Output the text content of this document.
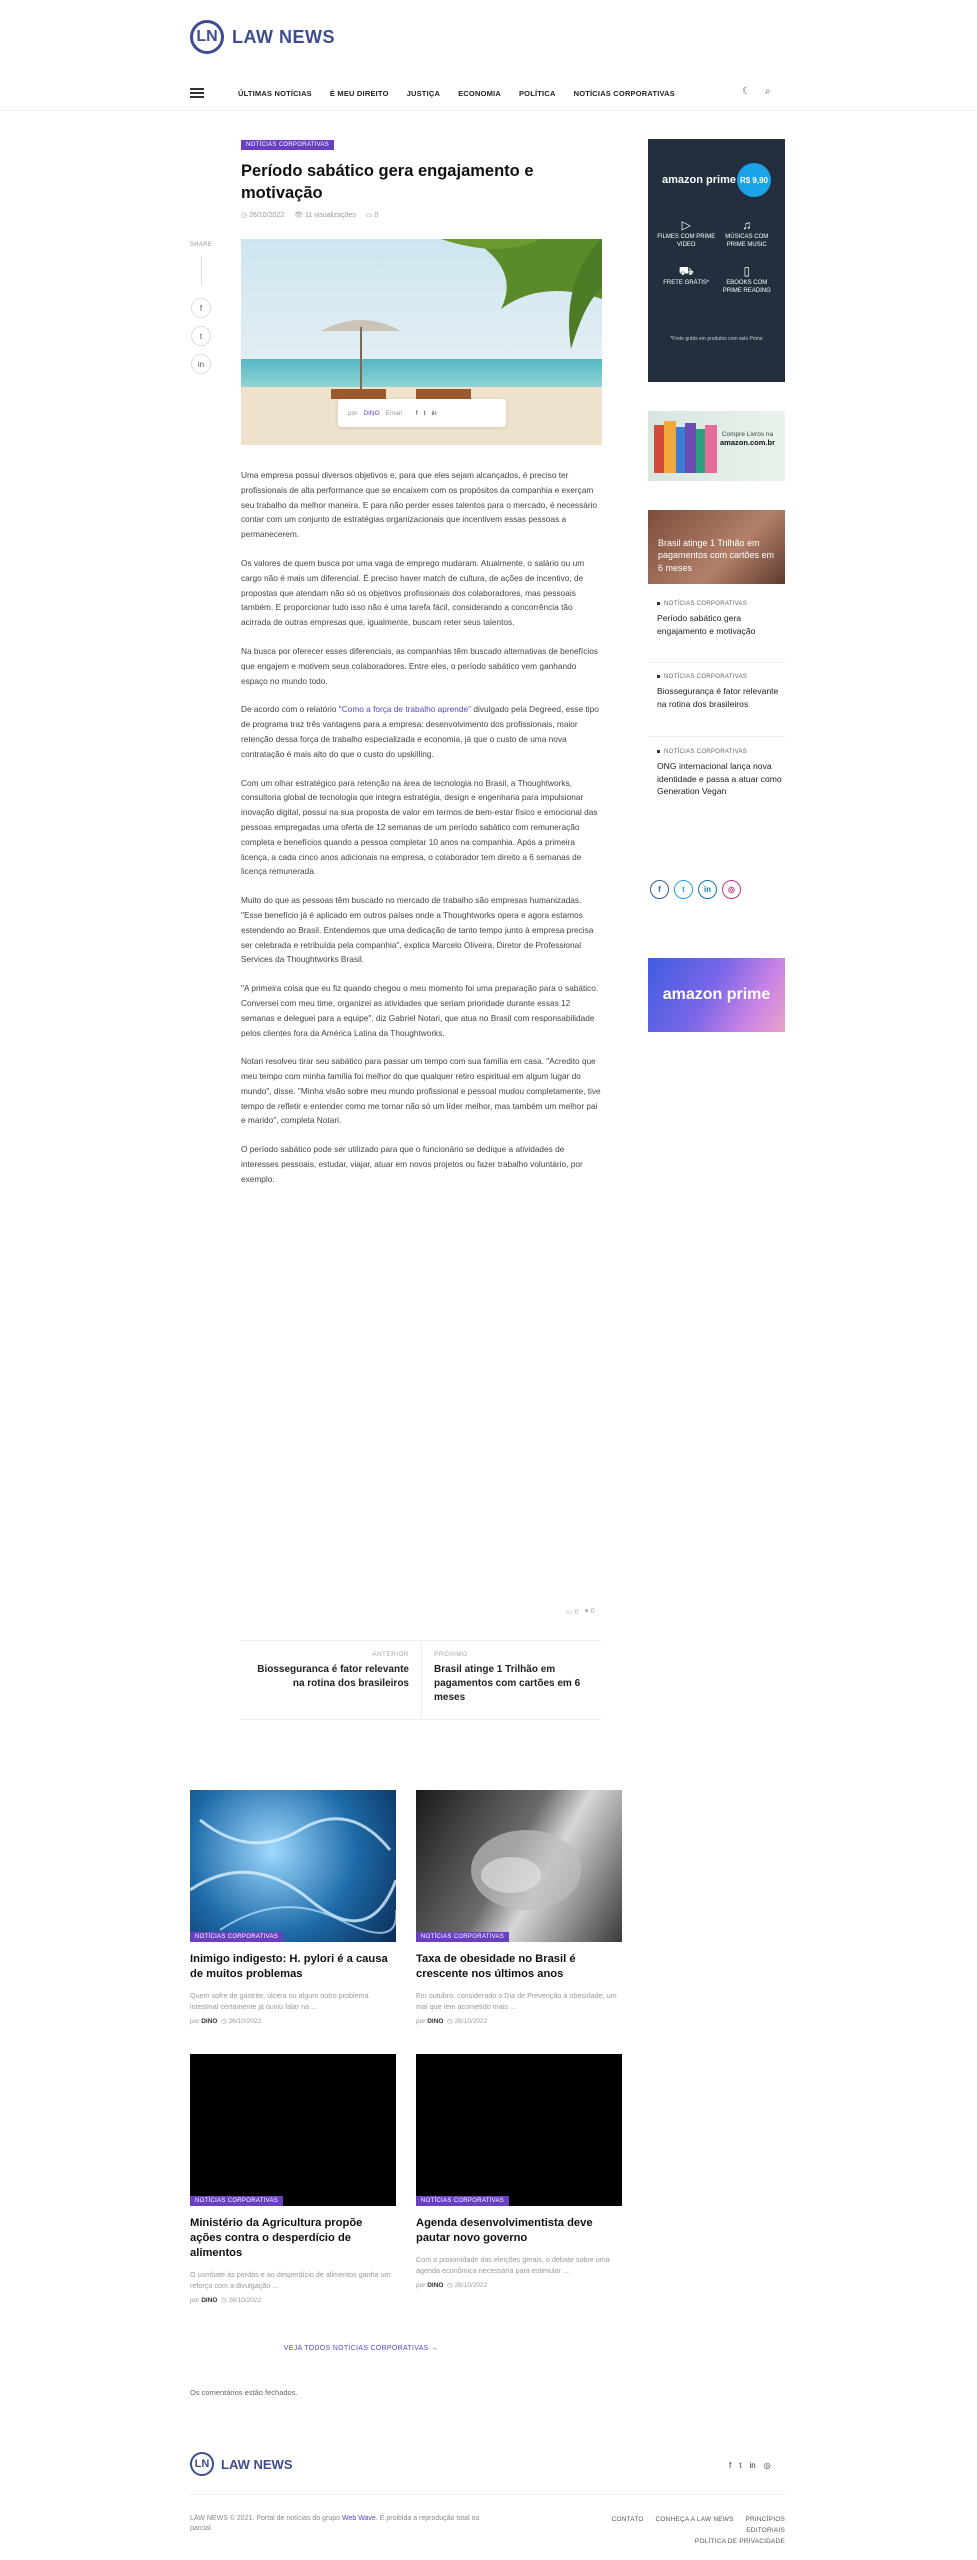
LN LAW NEWS
ÚLTIMAS NOTÍCIAS É MEU DIREITO JUSTIÇA ECONOMIA POLÍTICA NOTÍCIAS CORPORATIVAS	☾ ⌕
NOTÍCIAS CORPORATIVAS
Período sabático gera engajamento e motivação
◷ 26/10/2022 👁 11 visualizações ▭ 0
SHARE
f
t
in
por DINO Email f t in

Uma empresa possui diversos objetivos e, para que eles sejam alcançados, é preciso ter profissionais de alta performance que se encaixem com os propósitos da companhia e exerçam seu trabalho da melhor maneira. E para não perder esses talentos para o mercado, é necessário contar com um conjunto de estratégias organizacionais que incentivem essas pessoas a permanecerem.

Os valores de quem busca por uma vaga de emprego mudaram. Atualmente, o salário ou um cargo não é mais um diferencial. É preciso haver match de cultura, de ações de incentivo, de propostas que atendam não só os objetivos profissionais dos colaboradores, mas pessoais também. E proporcionar tudo isso não é uma tarefa fácil, considerando a concorrência tão acirrada de outras empresas que, igualmente, buscam reter seus talentos.

Na busca por oferecer esses diferenciais, as companhias têm buscado alternativas de benefícios que engajem e motivem seus colaboradores. Entre eles, o período sabático vem ganhando espaço no mundo todo.

De acordo com o relatório "Como a força de trabalho aprende" divulgado pela Degreed, esse tipo de programa traz três vantagens para a empresa: desenvolvimento dos profissionais, maior retenção dessa força de trabalho especializada e economia, já que o custo de uma nova contratação é mais alto do que o custo do upskilling.

Com um olhar estratégico para retenção na área de tecnologia no Brasil, a Thoughtworks, consultoria global de tecnologia que integra estratégia, design e engenharia para impulsionar inovação digital, possui na sua proposta de valor em termos de bem-estar físico e emocional das pessoas empregadas uma oferta de 12 semanas de um período sabático com remuneração completa e benefícios quando a pessoa completar 10 anos na companhia. Após a primeira licença, a cada cinco anos adicionais na empresa, o colaborador tem direito a 6 semanas de licença remunerada.

Muito do que as pessoas têm buscado no mercado de trabalho são empresas humanizadas. "Esse benefício já é aplicado em outros países onde a Thoughtworks opera e agora estamos estendendo ao Brasil. Entendemos que uma dedicação de tanto tempo junto à empresa precisa ser celebrada e retribuída pela companhia", explica Marcelo Oliveira, Diretor de Professional Services da Thoughtworks Brasil.

"A primeira coisa que eu fiz quando chegou o meu momento foi uma preparação para o sabático. Conversei com meu time, organizei as atividades que seriam prioridade durante essas 12 semanas e deleguei para a equipe", diz Gabriel Notari, que atua no Brasil com responsabilidade pelos clientes fora da América Latina da Thoughtworks.

Notari resolveu tirar seu sabático para passar um tempo com sua família em casa. "Acredito que meu tempo com minha família foi melhor do que qualquer retiro espiritual em algum lugar do mundo", disse. "Minha visão sobre meu mundo profissional e pessoal mudou completamente, tive tempo de refletir e entender como me tornar não só um líder melhor, mas também um melhor pai e marido", completa Notari.

O período sabático pode ser utilizado para que o funcionário se dedique a atividades de interesses pessoais, estudar, viajar, atuar em novos projetos ou fazer trabalho voluntário, por exemplo.

▭ 0 ♥ 0
ANTERIOR
Biosseguranca é fator relevante na rotina dos brasileiros
PRÓXIMO
Brasil atinge 1 Trilhão em pagamentos com cartões em 6 meses
NOTÍCIAS CORPORATIVAS
Inimigo indigesto: H. pylori é a causa de muitos problemas
Quem sofre de gastrite, úlcera ou algum outro problema intestinal certamente já ouviu falar na ...
por DINO  ◷ 26/10/2022
NOTÍCIAS CORPORATIVAS
Taxa de obesidade no Brasil é crescente nos últimos anos
Em outubro, considerado o Dia de Prevenção à obesidade, um mal que tem acometido mais ...
por DINO  ◷ 26/10/2022
NOTÍCIAS CORPORATIVAS
Ministério da Agricultura propõe ações contra o desperdício de alimentos
O combate às perdas e ao desperdício de alimentos ganha um reforço com a divulgação ...
por DINO  ◷ 26/10/2022
NOTÍCIAS CORPORATIVAS
Agenda desenvolvimentista deve pautar novo governo
Com a proximidade das eleições gerais, o debate sobre uma agenda econômica necessária para estimular ...
por DINO  ◷ 26/10/2022
VEJA TODOS NOTÍCIAS CORPORATIVAS →
Os comentários estão fechados.
amazon prime R$ 9,90
▷
FILMES COM PRIME VIDEO
♫
MÚSICAS COM PRIME MUSIC
⛟
FRETE GRÁTIS*
▯
EBOOKS COM PRIME READING
*Frete grátis em produtos com selo Prime
Compre Livros na
amazon.com.br
Brasil atinge 1 Trilhão em pagamentos com cartões em 6 meses
NOTÍCIAS CORPORATIVAS
Período sabático gera engajamento e motivação
NOTÍCIAS CORPORATIVAS
Biossegurança é fator relevante na rotina dos brasileiros
NOTÍCIAS CORPORATIVAS
ONG internacional lança nova identidade e passa a atuar como Generation Vegan
f	t	in	◎
amazon prime
LN LAW NEWS	f t in ◎
LAW NEWS © 2021. Portal de notícias do grupo Web Wave. É proibida a reprodução total ou parcial.
CONTATO CONHEÇA A LAW NEWS PRINCÍPIOS EDITORIAIS
POLÍTICA DE PRIVACIDADE
